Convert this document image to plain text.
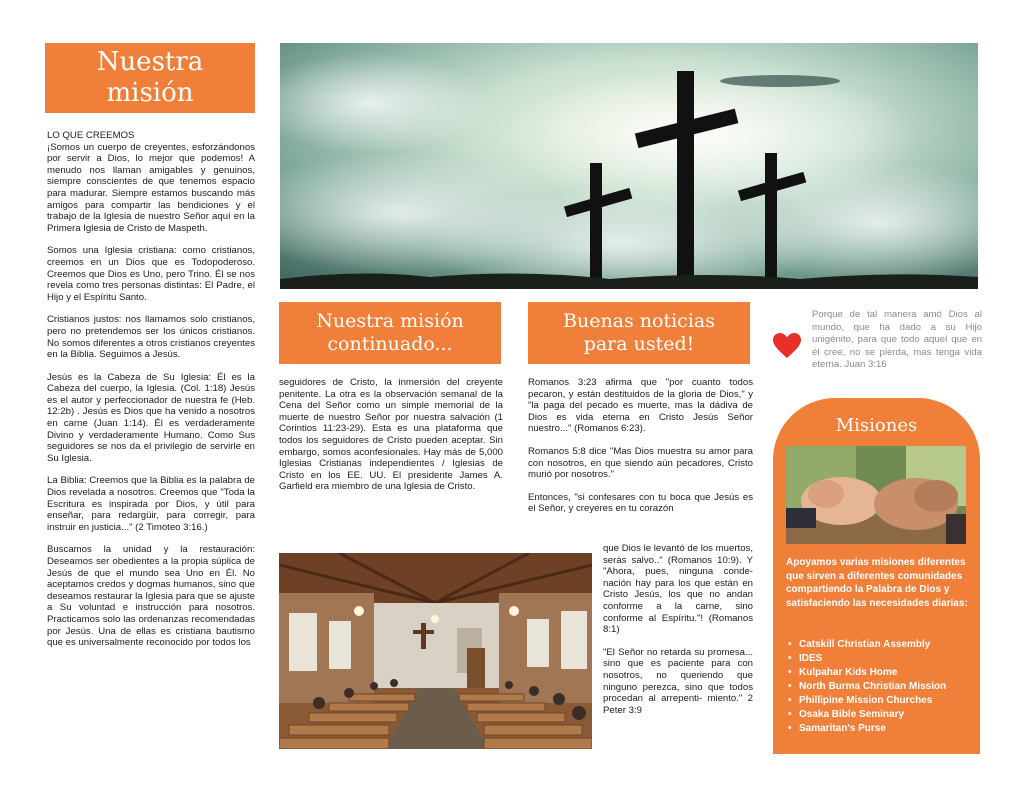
Nuestra
misión
LO QUE CREEMOS

¡Somos un cuerpo de creyentes, esforzándonos por servir a Dios, lo mejor que podemos! A menudo nos llaman amigables y genuinos, siempre conscientes de que tenemos espacio para madurar. Siempre estamos buscando más amigos para compartir las bendiciones y el trabajo de la Iglesia de nuestro Señor aquí en la Primera Iglesia de Cristo de Maspeth.

Somos una Iglesia cristiana: como cristianos, creemos en un Dios que es Todopoderoso. Creemos que Dios es Uno, pero Trino. Él se nos revela como tres personas distintas: El Padre, el Hijo y el Espíritu Santo.

Cristianos justos: nos llamamos solo cristianos, pero no pretendemos ser los únicos cristianos. No somos diferentes a otros cristianos creyentes en la Biblia. Seguimos a Jesús.

Jesús es la Cabeza de Su Iglesia: Él es la Cabeza del cuerpo, la Iglesia. (Col. 1:18) Jesús es el autor y perfeccionador de nuestra fe (Heb. 12:2b) . Jesús es Dios que ha venido a nosotros en carne (Juan 1:14). Él es verdaderamente Divino y verdaderamente Humano. Como Sus seguidores se nos da el privilegio de servirle en Su Iglesia.

La Biblia: Creemos que la Biblia es la palabra de Dios revelada a nosotros. Creemos que "Toda la Escritura es inspirada por Dios, y útil para enseñar, para redargüir, para corregir, para instruir en justicia..." (2 Timoteo 3:16.)

Buscamos la unidad y la restauración: Deseamos ser obedientes a la propia súplica de Jesús de que el mundo sea Uno en Él. No aceptamos credos y dogmas humanos, sino que deseamos restaurar la Iglesia para que se ajuste a Su voluntad e instrucción para nosotros. Practicamos solo las ordenanzas recomendadas por Jesús. Una de ellas es cristiana bautismo que es universalmente reconocido por todos los

Nuestra misión
continuado...

seguidores de Cristo, la inmersión del creyente penitente. La otra es la observación semanal de la Cena del Señor como un simple memorial de la muerte de nuestro Señor por nuestra salvación (1 Corintios 11:23-29). Esta es una plataforma que todos los seguidores de Cristo pueden aceptar. Sin embargo, somos aconfesionales. Hay más de 5,000 Iglesias Cristianas independientes / Iglesias de Cristo en los EE. UU. El presidente James A. Garfield era miembro de una Iglesia de Cristo.

Buenas noticias
para usted!

Romanos 3:23 afirma que "por cuanto todos pecaron, y están destituidos de la gloria de Dios," y "la paga del pecado es muerte, mas la dádiva de Dios es vida eterna en Cristo Jesús Señor nuestro..." (Romanos 6:23).

Romanos 5:8 dice "Mas Dios muestra su amor para con nosotros, en que siendo aún pecadores, Cristo murió por nosotros."

Entonces, "si confesares con tu boca que Jesús es el Señor, y creyeres en tu corazón

que Dios le levantó de los muertos, serás salvo.." (Romanos 10:9). Y "Ahora, pues, ninguna conde- nación hay para los que están en Cristo Jesús, los que no andan conforme a la carne, sino conforme al Espíritu."! (Romanos 8:1)

"El Señor no retarda su promesa... sino que es paciente para con nosotros, no queriendo que ninguno perezca, sino que todos procedan al arrepenti- miento." 2 Peter 3:9

Porque de tal manera amó Dios al mundo, que ha dado a su Hijo unigénito, para que todo aquel que en él cree, no se pierda, mas tenga vida eterna. Juan 3:16
Misiones
Apoyamos varias misiones diferentes que sirven a diferentes comunidades compartiendo la Palabra de Dios y satisfaciendo las necesidades diarias:
• Catskill Christian Assembly
• IDES
• Kulpahar Kids Home
• North Burma Christian Mission
• Phillipine Mission Churches
• Osaka Bible Seminary
• Samaritan's Purse
